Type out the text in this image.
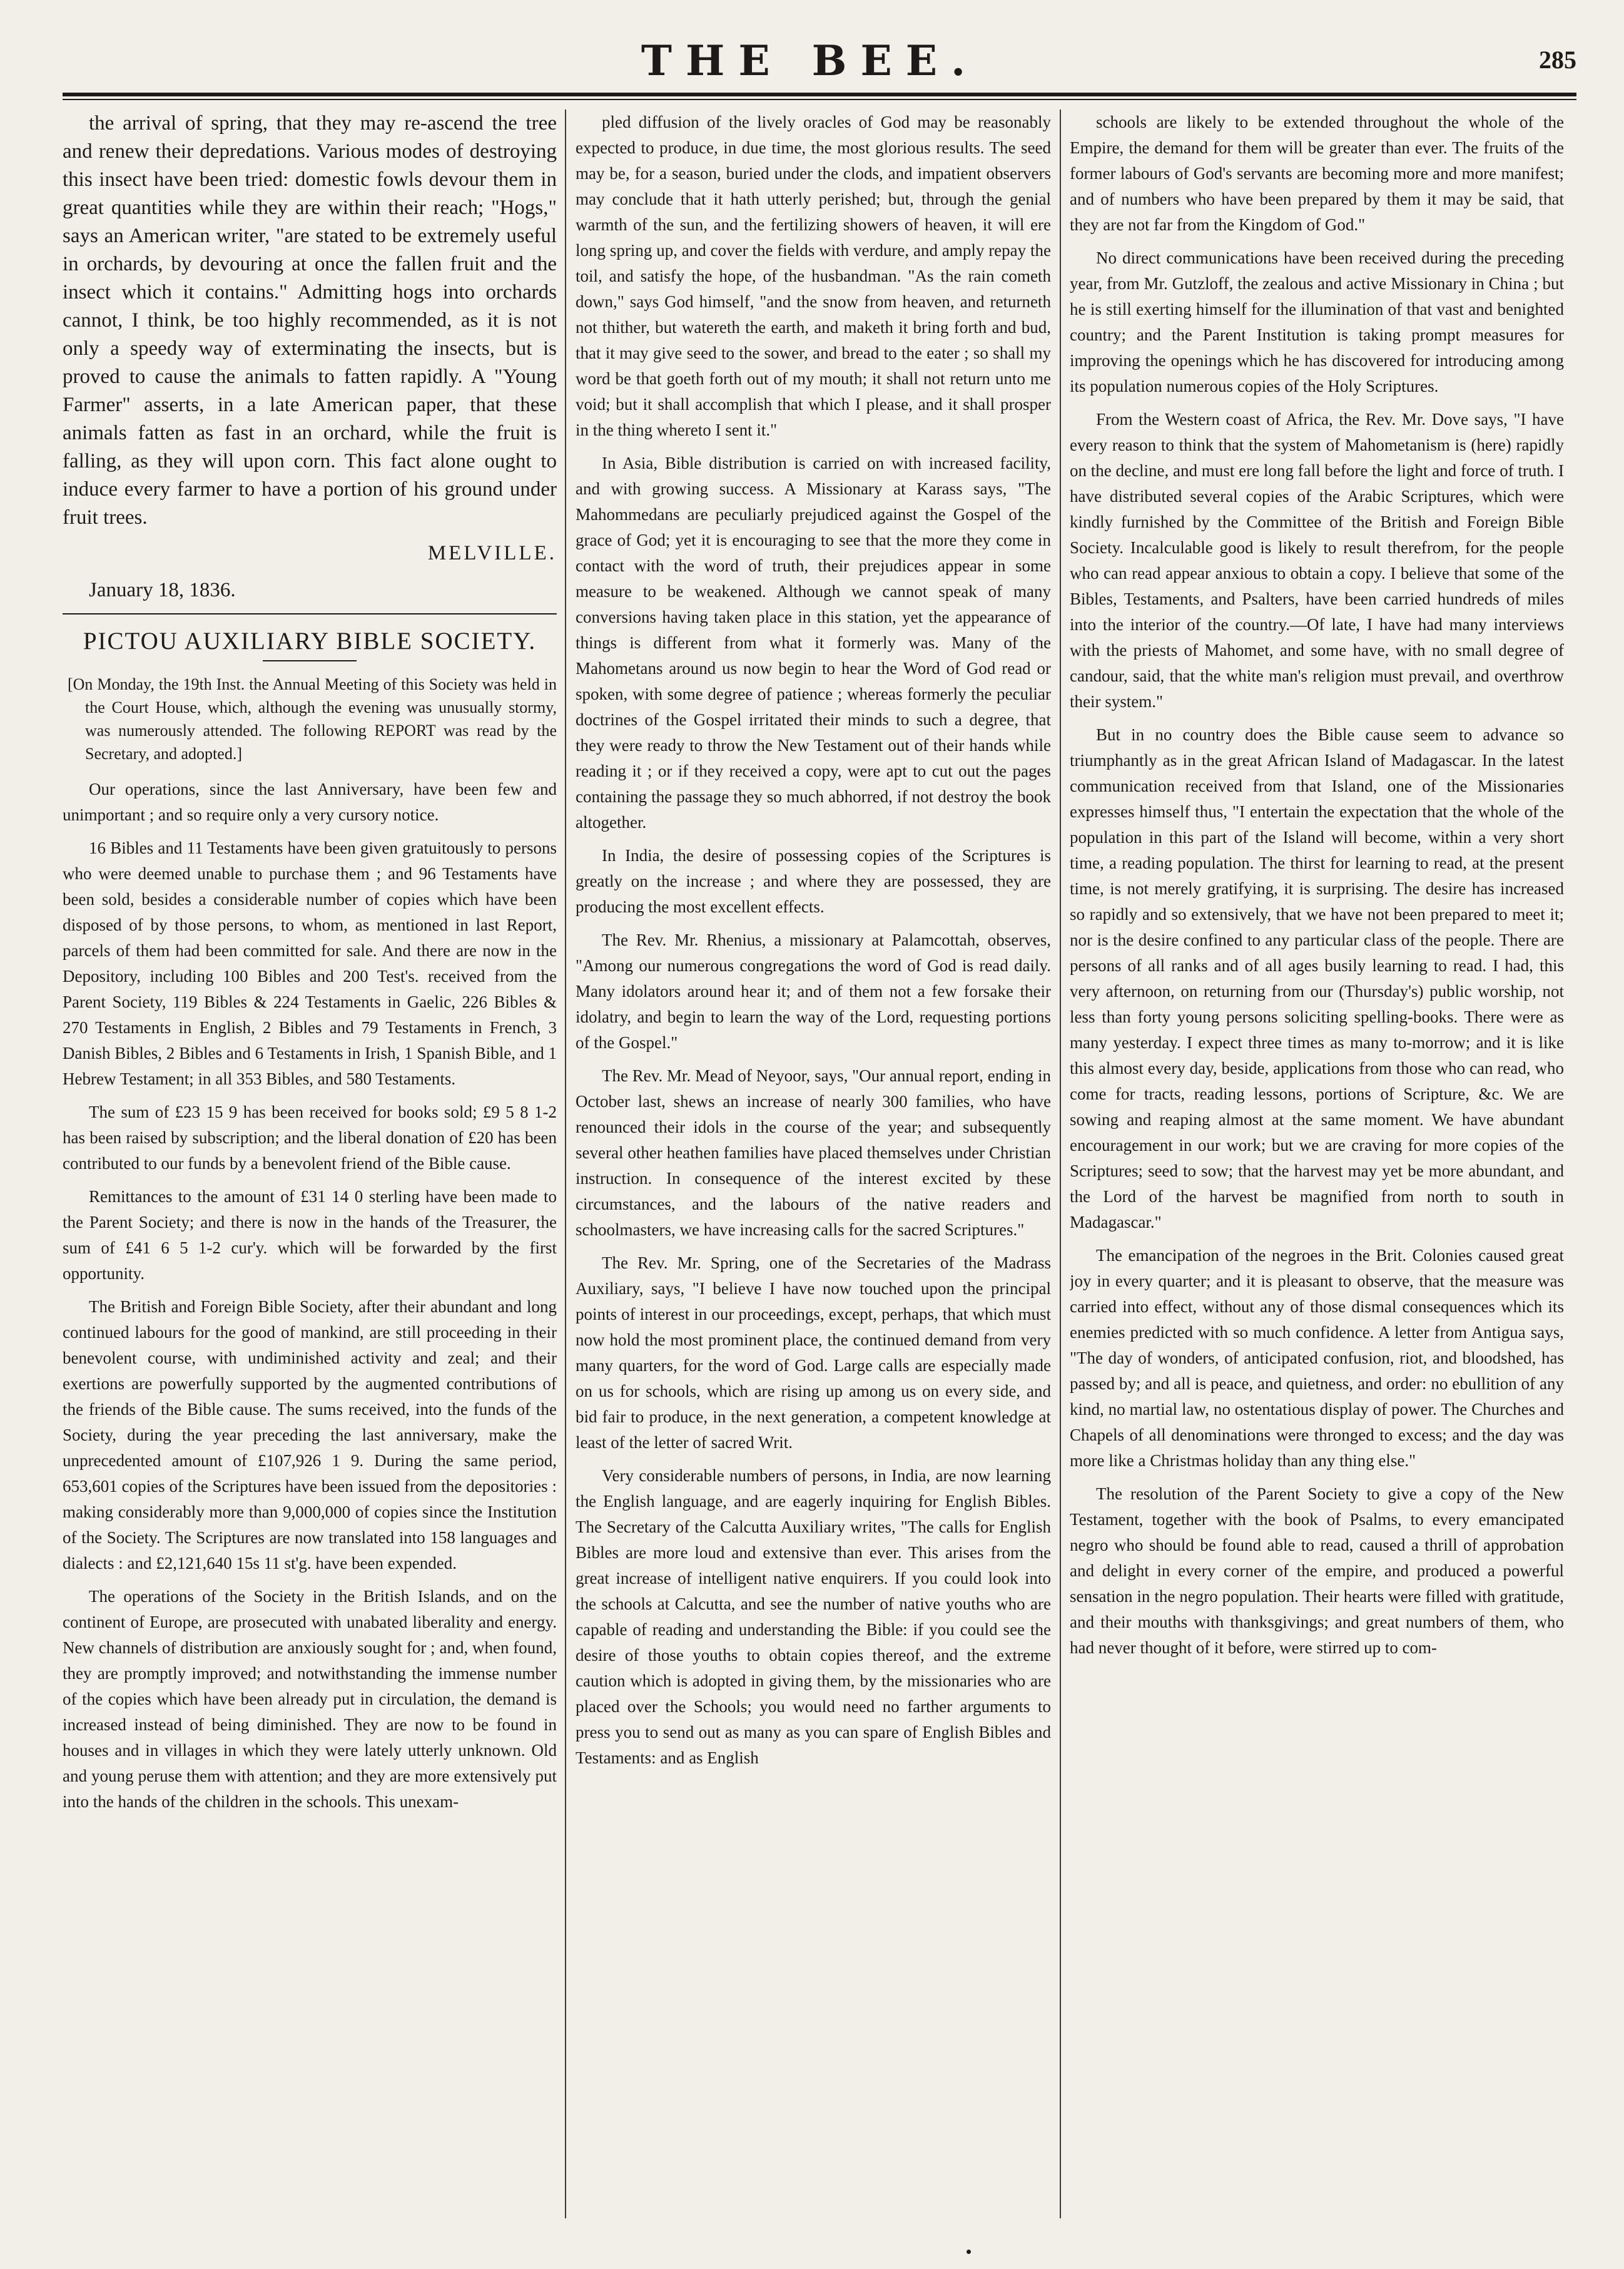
THE BEE.	285

the arrival of spring, that they may re-ascend the tree and renew their depredations. Various modes of destroying this insect have been tried: domestic fowls devour them in great quantities while they are within their reach; "Hogs," says an American writer, "are stated to be extremely useful in orchards, by devouring at once the fallen fruit and the insect which it contains." Admitting hogs into orchards cannot, I think, be too highly recommended, as it is not only a speedy way of exterminating the insects, but is proved to cause the animals to fatten rapidly. A "Young Farmer" asserts, in a late American paper, that these animals fatten as fast in an orchard, while the fruit is falling, as they will upon corn. This fact alone ought to induce every farmer to have a portion of his ground under fruit trees.

MELVILLE.
January 18, 1836.
PICTOU AUXILIARY BIBLE SOCIETY.
[On Monday, the 19th Inst. the Annual Meeting of this Society was held in the Court House, which, although the evening was unusually stormy, was numerously attended. The following REPORT was read by the Secretary, and adopted.]

Our operations, since the last Anniversary, have been few and unimportant ; and so require only a very cursory notice.

16 Bibles and 11 Testaments have been given gratuitously to persons who were deemed unable to purchase them ; and 96 Testaments have been sold, besides a considerable number of copies which have been disposed of by those persons, to whom, as mentioned in last Report, parcels of them had been committed for sale. And there are now in the Depository, including 100 Bibles and 200 Test's. received from the Parent Society, 119 Bibles & 224 Testaments in Gaelic, 226 Bibles & 270 Testaments in English, 2 Bibles and 79 Testaments in French, 3 Danish Bibles, 2 Bibles and 6 Testaments in Irish, 1 Spanish Bible, and 1 Hebrew Testament; in all 353 Bibles, and 580 Testaments.

The sum of £23 15 9 has been received for books sold; £9 5 8 1-2 has been raised by subscription; and the liberal donation of £20 has been contributed to our funds by a benevolent friend of the Bible cause.

Remittances to the amount of £31 14 0 sterling have been made to the Parent Society; and there is now in the hands of the Treasurer, the sum of £41 6 5 1-2 cur'y. which will be forwarded by the first opportunity.

The British and Foreign Bible Society, after their abundant and long continued labours for the good of mankind, are still proceeding in their benevolent course, with undiminished activity and zeal; and their exertions are powerfully supported by the augmented contributions of the friends of the Bible cause. The sums received, into the funds of the Society, during the year preceding the last anniversary, make the unprecedented amount of £107,926 1 9. During the same period, 653,601 copies of the Scriptures have been issued from the depositories : making considerably more than 9,000,000 of copies since the Institution of the Society. The Scriptures are now translated into 158 languages and dialects : and £2,121,640 15s 11 st'g. have been expended.

The operations of the Society in the British Islands, and on the continent of Europe, are prosecuted with unabated liberality and energy. New channels of distribution are anxiously sought for ; and, when found, they are promptly improved; and notwithstanding the immense number of the copies which have been already put in circulation, the demand is increased instead of being diminished. They are now to be found in houses and in villages in which they were lately utterly unknown. Old and young peruse them with attention; and they are more extensively put into the hands of the children in the schools. This unexam-

pled diffusion of the lively oracles of God may be reasonably expected to produce, in due time, the most glorious results. The seed may be, for a season, buried under the clods, and impatient observers may conclude that it hath utterly perished; but, through the genial warmth of the sun, and the fertilizing showers of heaven, it will ere long spring up, and cover the fields with verdure, and amply repay the toil, and satisfy the hope, of the husbandman. "As the rain cometh down," says God himself, "and the snow from heaven, and returneth not thither, but watereth the earth, and maketh it bring forth and bud, that it may give seed to the sower, and bread to the eater ; so shall my word be that goeth forth out of my mouth; it shall not return unto me void; but it shall accomplish that which I please, and it shall prosper in the thing whereto I sent it."

In Asia, Bible distribution is carried on with increased facility, and with growing success. A Missionary at Karass says, "The Mahommedans are peculiarly prejudiced against the Gospel of the grace of God; yet it is encouraging to see that the more they come in contact with the word of truth, their prejudices appear in some measure to be weakened. Although we cannot speak of many conversions having taken place in this station, yet the appearance of things is different from what it formerly was. Many of the Mahometans around us now begin to hear the Word of God read or spoken, with some degree of patience ; whereas formerly the peculiar doctrines of the Gospel irritated their minds to such a degree, that they were ready to throw the New Testament out of their hands while reading it ; or if they received a copy, were apt to cut out the pages containing the passage they so much abhorred, if not destroy the book altogether.

In India, the desire of possessing copies of the Scriptures is greatly on the increase ; and where they are possessed, they are producing the most excellent effects.

The Rev. Mr. Rhenius, a missionary at Palamcottah, observes, "Among our numerous congregations the word of God is read daily. Many idolators around hear it; and of them not a few forsake their idolatry, and begin to learn the way of the Lord, requesting portions of the Gospel."

The Rev. Mr. Mead of Neyoor, says, "Our annual report, ending in October last, shews an increase of nearly 300 families, who have renounced their idols in the course of the year; and subsequently several other heathen families have placed themselves under Christian instruction. In consequence of the interest excited by these circumstances, and the labours of the native readers and schoolmasters, we have increasing calls for the sacred Scriptures."

The Rev. Mr. Spring, one of the Secretaries of the Madrass Auxiliary, says, "I believe I have now touched upon the principal points of interest in our proceedings, except, perhaps, that which must now hold the most prominent place, the continued demand from very many quarters, for the word of God. Large calls are especially made on us for schools, which are rising up among us on every side, and bid fair to produce, in the next generation, a competent knowledge at least of the letter of sacred Writ.

Very considerable numbers of persons, in India, are now learning the English language, and are eagerly inquiring for English Bibles. The Secretary of the Calcutta Auxiliary writes, "The calls for English Bibles are more loud and extensive than ever. This arises from the great increase of intelligent native enquirers. If you could look into the schools at Calcutta, and see the number of native youths who are capable of reading and understanding the Bible: if you could see the desire of those youths to obtain copies thereof, and the extreme caution which is adopted in giving them, by the missionaries who are placed over the Schools; you would need no farther arguments to press you to send out as many as you can spare of English Bibles and Testaments: and as English

schools are likely to be extended throughout the whole of the Empire, the demand for them will be greater than ever. The fruits of the former labours of God's servants are becoming more and more manifest; and of numbers who have been prepared by them it may be said, that they are not far from the Kingdom of God."

No direct communications have been received during the preceding year, from Mr. Gutzloff, the zealous and active Missionary in China ; but he is still exerting himself for the illumination of that vast and benighted country; and the Parent Institution is taking prompt measures for improving the openings which he has discovered for introducing among its population numerous copies of the Holy Scriptures.

From the Western coast of Africa, the Rev. Mr. Dove says, "I have every reason to think that the system of Mahometanism is (here) rapidly on the decline, and must ere long fall before the light and force of truth. I have distributed several copies of the Arabic Scriptures, which were kindly furnished by the Committee of the British and Foreign Bible Society. Incalculable good is likely to result therefrom, for the people who can read appear anxious to obtain a copy. I believe that some of the Bibles, Testaments, and Psalters, have been carried hundreds of miles into the interior of the country.—Of late, I have had many interviews with the priests of Mahomet, and some have, with no small degree of candour, said, that the white man's religion must prevail, and overthrow their system."

But in no country does the Bible cause seem to advance so triumphantly as in the great African Island of Madagascar. In the latest communication received from that Island, one of the Missionaries expresses himself thus, "I entertain the expectation that the whole of the population in this part of the Island will become, within a very short time, a reading population. The thirst for learning to read, at the present time, is not merely gratifying, it is surprising. The desire has increased so rapidly and so extensively, that we have not been prepared to meet it; nor is the desire confined to any particular class of the people. There are persons of all ranks and of all ages busily learning to read. I had, this very afternoon, on returning from our (Thursday's) public worship, not less than forty young persons soliciting spelling-books. There were as many yesterday. I expect three times as many to-morrow; and it is like this almost every day, beside, applications from those who can read, who come for tracts, reading lessons, portions of Scripture, &c. We are sowing and reaping almost at the same moment. We have abundant encouragement in our work; but we are craving for more copies of the Scriptures; seed to sow; that the harvest may yet be more abundant, and the Lord of the harvest be magnified from north to south in Madagascar."

The emancipation of the negroes in the Brit. Colonies caused great joy in every quarter; and it is pleasant to observe, that the measure was carried into effect, without any of those dismal consequences which its enemies predicted with so much confidence. A letter from Antigua says, "The day of wonders, of anticipated confusion, riot, and bloodshed, has passed by; and all is peace, and quietness, and order: no ebullition of any kind, no martial law, no ostentatious display of power. The Churches and Chapels of all denominations were thronged to excess; and the day was more like a Christmas holiday than any thing else."

The resolution of the Parent Society to give a copy of the New Testament, together with the book of Psalms, to every emancipated negro who should be found able to read, caused a thrill of approbation and delight in every corner of the empire, and produced a powerful sensation in the negro population. Their hearts were filled with gratitude, and their mouths with thanksgivings; and great numbers of them, who had never thought of it before, were stirred up to com-
